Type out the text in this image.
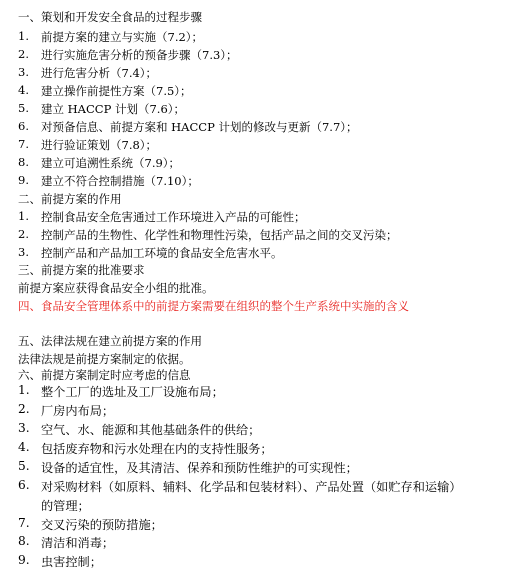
一、策划和开发安全食品的过程步骤
1. 前提方案的建立与实施（7.2）；
2. 进行实施危害分析的预备步骤（7.3）；
3. 进行危害分析（7.4）；
4. 建立操作前提性方案（7.5）；
5. 建立 HACCP 计划（7.6）；
6. 对预备信息、前提方案和 HACCP 计划的修改与更新（7.7）；
7. 进行验证策划（7.8）；
8. 建立可追溯性系统（7.9）；
9. 建立不符合控制措施（7.10）；
二、前提方案的作用
1. 控制食品安全危害通过工作环境进入产品的可能性；
2. 控制产品的生物性、化学性和物理性污染，包括产品之间的交叉污染；
3. 控制产品和产品加工环境的食品安全危害水平。
三、前提方案的批准要求
前提方案应获得食品安全小组的批准。
四、食品安全管理体系中的前提方案需要在组织的整个生产系统中实施的含义
五、法律法规在建立前提方案的作用
法律法规是前提方案制定的依据。
六、前提方案制定时应考虑的信息
1. 整个工厂的选址及工厂设施布局；
2. 厂房内布局；
3. 空气、水、能源和其他基础条件的供给；
4. 包括废弃物和污水处理在内的支持性服务；
5. 设备的适宜性，及其清洁、保养和预防性维护的可实现性；
6. 对采购材料（如原料、辅料、化学品和包装材料）、产品处置（如贮存和运输）
的管理；
7. 交叉污染的预防措施；
8. 清洁和消毒；
9. 虫害控制；
